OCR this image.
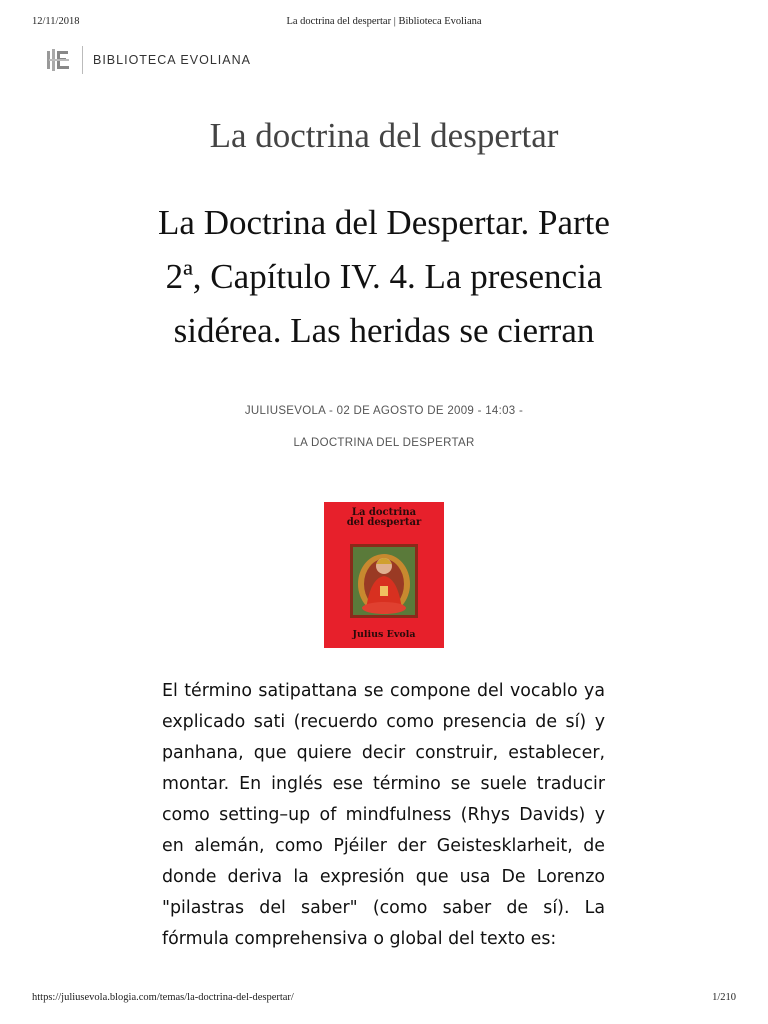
12/11/2018	La doctrina del despertar | Biblioteca Evoliana
BIBLIOTECA EVOLIANA
La doctrina del despertar
La Doctrina del Despertar. Parte 2ª, Capítulo IV. 4. La presencia sidérea. Las heridas se cierran
JULIUSEVOLA - 02 DE AGOSTO DE 2009 - 14:03 -
LA DOCTRINA DEL DESPERTAR
La doctrina
del despertar
Julius Evola

El término satipattana se compone del vocablo ya explicado sati (recuerdo como presencia de sí) y panhana, que quiere decir construir, establecer, montar. En inglés ese término se suele traducir como setting–up of mindfulness (Rhys Davids) y en alemán, como Pjéiler der Geistesklarheit, de donde deriva la expresión que usa De Lorenzo "pilastras del saber" (como saber de sí). La fórmula comprehensiva o global del texto es:

https://juliusevola.blogia.com/temas/la-doctrina-del-despertar/	1/210
